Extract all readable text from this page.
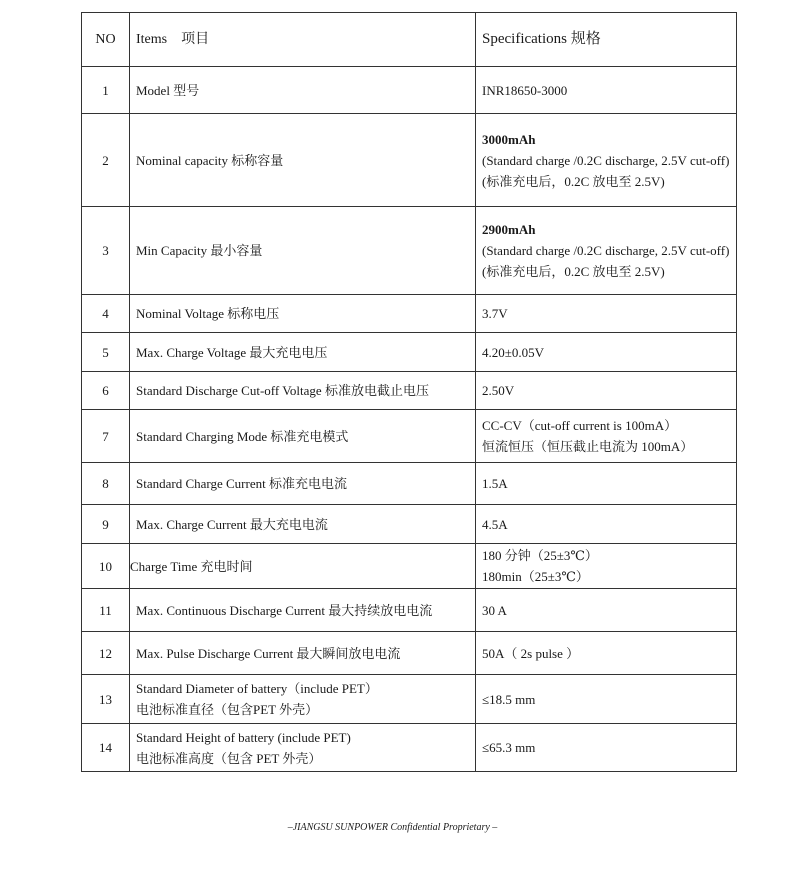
NO	Items　项目	Specifications 规格
1	Model 型号	INR18650-3000

2	Nominal capacity 标称容量	3000mAh
(Standard charge /0.2C discharge, 2.5V cut-off)
(标准充电后，0.2C 放电至 2.5V)

3	Min Capacity 最小容量	2900mAh
(Standard charge /0.2C discharge, 2.5V cut-off)
(标准充电后，0.2C 放电至 2.5V)

4	Nominal Voltage 标称电压	3.7V

5	Max. Charge Voltage 最大充电电压	4.20±0.05V

6	Standard Discharge Cut-off Voltage 标准放电截止电压	2.50V

7	Standard Charging Mode 标准充电模式	CC-CV（cut-off current is 100mA）
恒流恒压（恒压截止电流为 100mA）

8	Standard Charge Current 标准充电电流	1.5A

9	Max. Charge Current 最大充电电流	4.5A

10	Charge Time 充电时间	180 分钟（25±3℃）
180min（25±3℃）

11	Max. Continuous Discharge Current 最大持续放电电流	30 A

12	Max. Pulse Discharge Current 最大瞬间放电电流	50A（ 2s pulse ）

13	Standard Diameter of battery（include PET）
电池标准直径（包含PET 外壳）	≤18.5 mm

14	Standard Height of battery (include PET)
电池标准高度（包含 PET 外壳）	≤65.3 mm
–JIANGSU SUNPOWER Confidential Proprietary –
